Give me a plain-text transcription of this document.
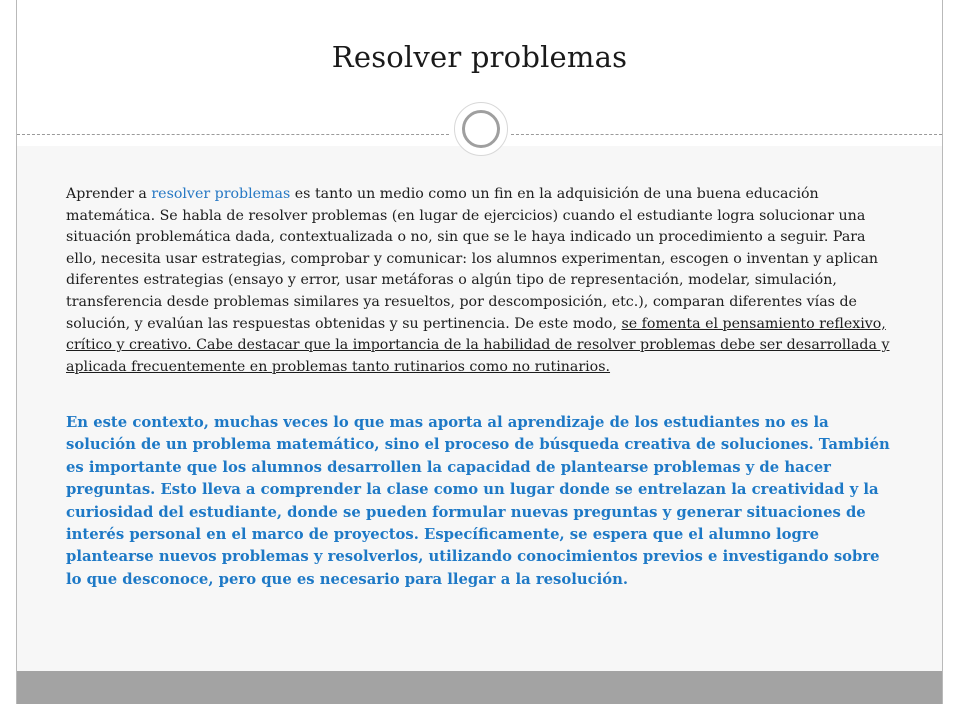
Resolver problemas

Aprender a resolver problemas es tanto un medio como un fin en la adquisición de una buena educación matemática. Se habla de resolver problemas (en lugar de ejercicios) cuando el estudiante logra solucionar una situación problemática dada, contextualizada o no, sin que se le haya indicado un procedimiento a seguir. Para ello, necesita usar estrategias, comprobar y comunicar: los alumnos experimentan, escogen o inventan y aplican diferentes estrategias (ensayo y error, usar metáforas o algún tipo de representación, modelar, simulación, transferencia desde problemas similares ya resueltos, por descomposición, etc.), comparan diferentes vías de solución, y evalúan las respuestas obtenidas y su pertinencia. De este modo, se fomenta el pensamiento reflexivo, crítico y creativo. Cabe destacar que la importancia de la habilidad de resolver problemas debe ser desarrollada y aplicada frecuentemente en problemas tanto rutinarios como no rutinarios.

En este contexto, muchas veces lo que mas aporta al aprendizaje de los estudiantes no es la solución de un problema matemático, sino el proceso de búsqueda creativa de soluciones. También es importante que los alumnos desarrollen la capacidad de plantearse problemas y de hacer preguntas. Esto lleva a comprender la clase como un lugar donde se entrelazan la creatividad y la curiosidad del estudiante, donde se pueden formular nuevas preguntas y generar situaciones de interés personal en el marco de proyectos. Específicamente, se espera que el alumno logre plantearse nuevos problemas y resolverlos, utilizando conocimientos previos e investigando sobre lo que desconoce, pero que es necesario para llegar a la resolución.
